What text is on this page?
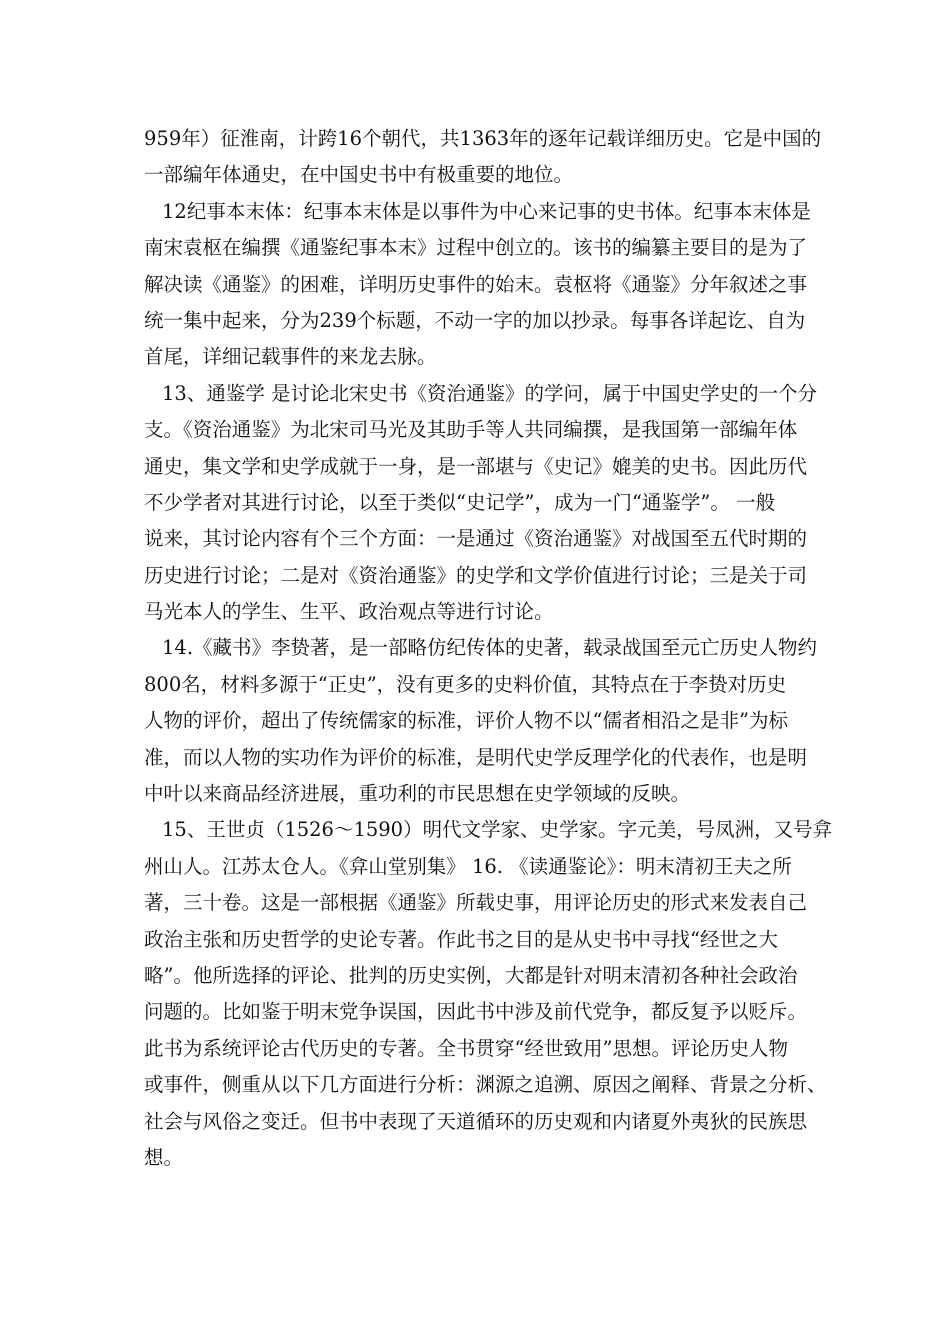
959年）征淮南，计跨16个朝代，共1363年的逐年记载详细历史。它是中国的
一部编年体通史，在中国史书中有极重要的地位。
12纪事本末体：纪事本末体是以事件为中心来记事的史书体。纪事本末体是
南宋袁枢在编撰《通鉴纪事本末》过程中创立的。该书的编纂主要目的是为了
解决读《通鉴》的困难，详明历史事件的始末。袁枢将《通鉴》分年叙述之事
统一集中起来，分为239个标题，不动一字的加以抄录。每事各详起讫、自为
首尾，详细记载事件的来龙去脉。
13、通鉴学 是讨论北宋史书《资治通鉴》的学问，属于中国史学史的一个分
支。《资治通鉴》为北宋司马光及其助手等人共同编撰，是我国第一部编年体
通史，集文学和史学成就于一身，是一部堪与《史记》媲美的史书。因此历代
不少学者对其进行讨论，以至于类似“史记学”，成为一门“通鉴学”。 一般
说来，其讨论内容有个三个方面：一是通过《资治通鉴》对战国至五代时期的
历史进行讨论；二是对《资治通鉴》的史学和文学价值进行讨论；三是关于司
马光本人的学生、生平、政治观点等进行讨论。
14.《藏书》李贽著，是一部略仿纪传体的史著，载录战国至元亡历史人物约
800名，材料多源于“正史”，没有更多的史料价值，其特点在于李贽对历史
人物的评价，超出了传统儒家的标准，评价人物不以“儒者相沿之是非”为标
准，而以人物的实功作为评价的标准，是明代史学反理学化的代表作，也是明
中叶以来商品经济进展，重功利的市民思想在史学领域的反映。
15、王世贞（1526～1590）明代文学家、史学家。字元美，号凤洲，又号弇
州山人。江苏太仓人。《弇山堂别集》 16. 《读通鉴论》：明末清初王夫之所
著，三十卷。这是一部根据《通鉴》所载史事，用评论历史的形式来发表自己
政治主张和历史哲学的史论专著。作此书之目的是从史书中寻找“经世之大
略”。他所选择的评论、批判的历史实例，大都是针对明末清初各种社会政治
问题的。比如鉴于明末党争误国，因此书中涉及前代党争，都反复予以贬斥。
此书为系统评论古代历史的专著。全书贯穿“经世致用”思想。评论历史人物
或事件，侧重从以下几方面进行分析：渊源之追溯、原因之阐释、背景之分析、
社会与风俗之变迁。但书中表现了天道循环的历史观和内诸夏外夷狄的民族思
想。
